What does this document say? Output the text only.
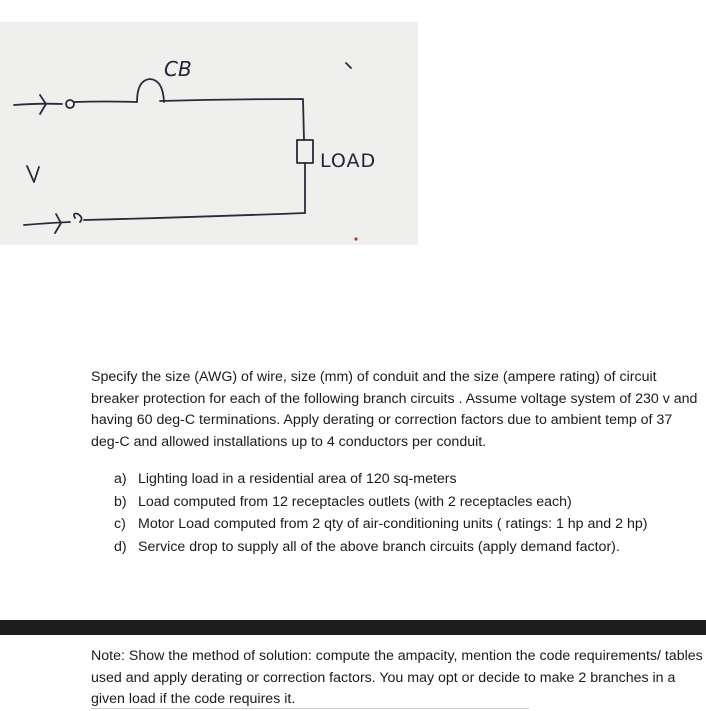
CB
V
LOAD

Specify the size (AWG) of wire, size (mm) of conduit and the size (ampere rating) of circuit breaker protection for each of the following branch circuits . Assume voltage system of 230 v and having 60 deg-C terminations. Apply derating or correction factors due to ambient temp of 37 deg-C and allowed installations up to 4 conductors per conduit.

a) Lighting load in a residential area of 120 sq-meters
b) Load computed from 12 receptacles outlets (with 2 receptacles each)
c) Motor Load computed from 2 qty of air-conditioning units ( ratings: 1 hp and 2 hp)
d) Service drop to supply all of the above branch circuits (apply demand factor).

Note: Show the method of solution: compute the ampacity, mention the code requirements/ tables used and apply derating or correction factors. You may opt or decide to make 2 branches in a given load if the code requires it.
